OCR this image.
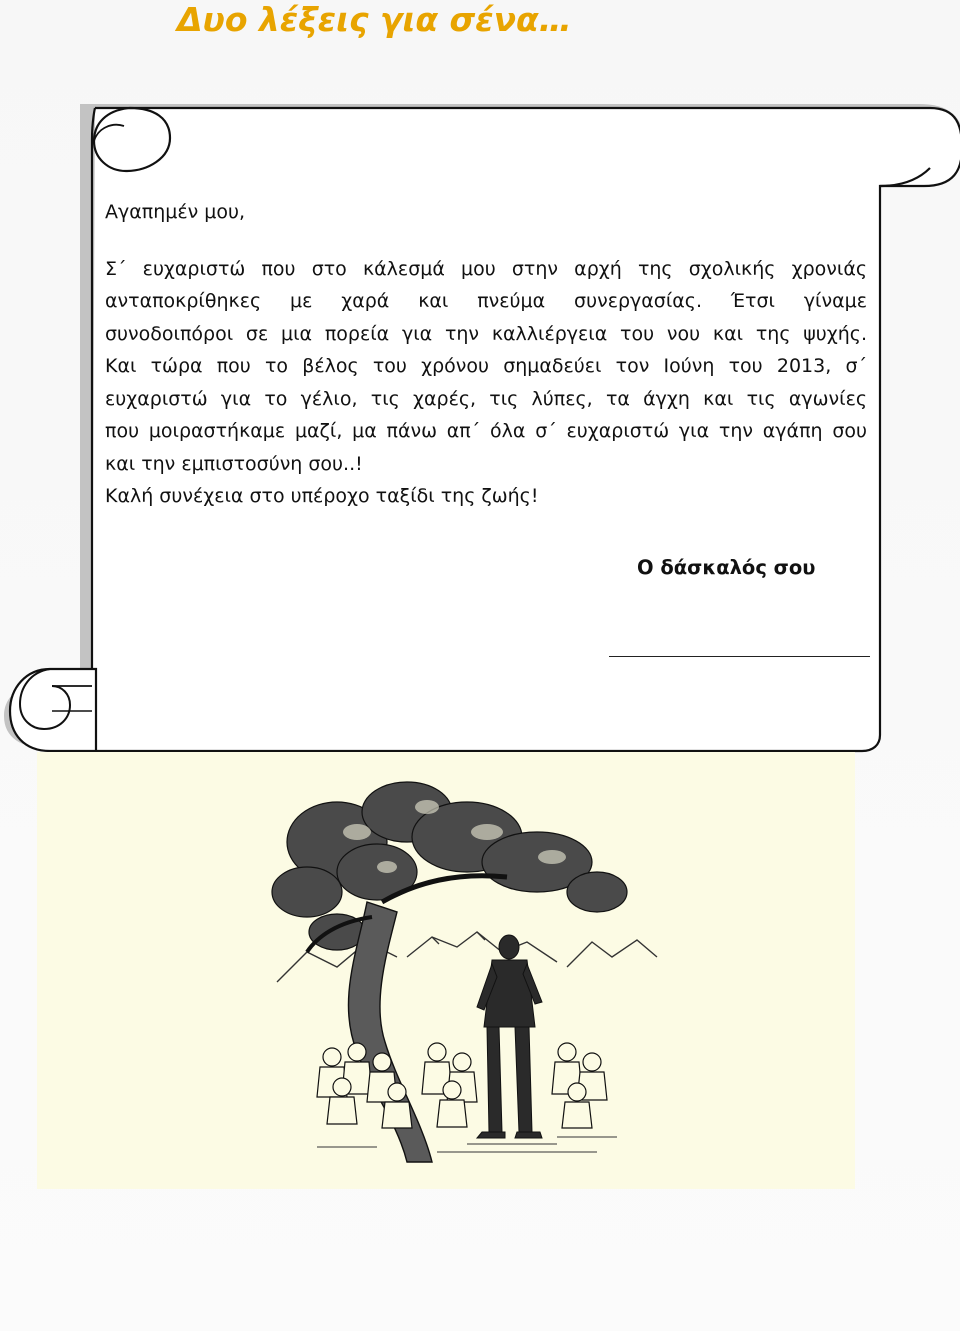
Δυο λέξεις για σένα…

Αγαπημέν μου,

Σ΄ ευχαριστώ που στο κάλεσμά μου στην αρχή της σχολικής χρονιάς
ανταποκρίθηκες με χαρά και πνεύμα συνεργασίας. Έτσι γίναμε
συνοδοιπόροι σε μια πορεία για την καλλιέργεια του νου και της ψυχής.
Και τώρα που το βέλος του χρόνου σημαδεύει τον Ιούνη του 2013, σ΄
ευχαριστώ για το γέλιο, τις χαρές, τις λύπες, τα άγχη και τις αγωνίες
που μοιραστήκαμε μαζί, μα πάνω απ΄ όλα σ΄ ευχαριστώ για την αγάπη σου
και την εμπιστοσύνη σου..!

Καλή συνέχεια στο υπέροχο ταξίδι της ζωής!

Ο δάσκαλός σου
